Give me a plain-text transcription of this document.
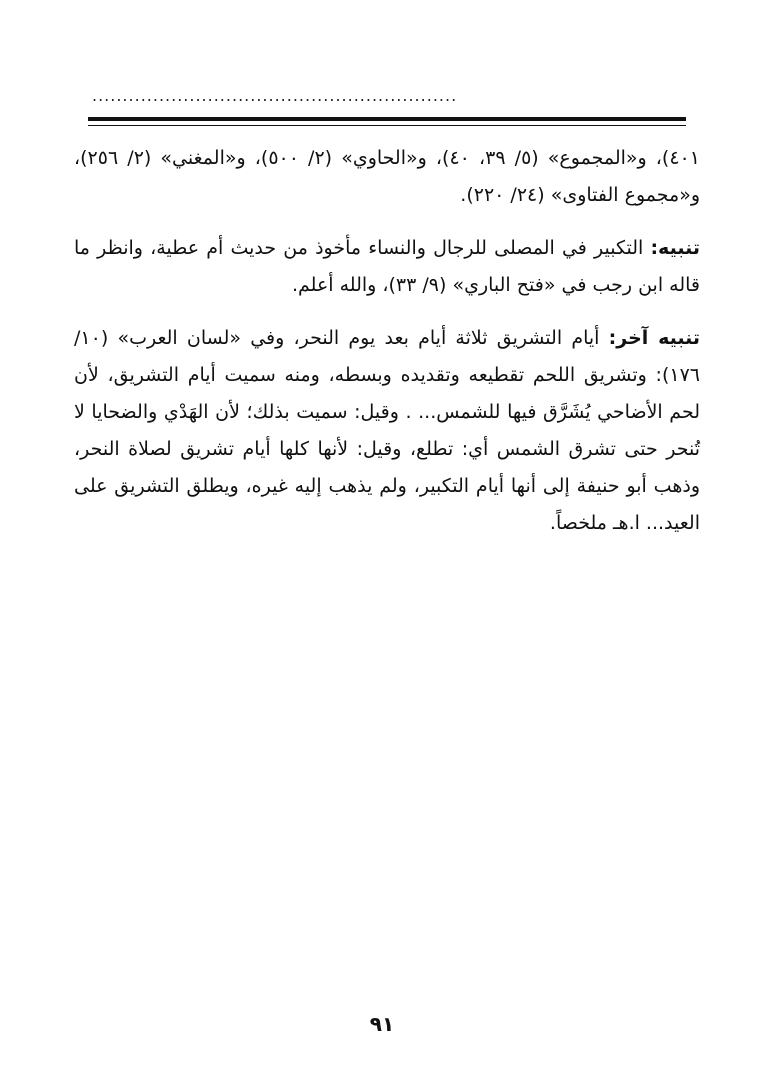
............................................................

٤٠١)، و«المجموع» (٥/ ٣٩، ٤٠)، و«الحاوي» (٢/ ٥٠٠)، و«المغني» (٢/ ٢٥٦)، و«مجموع الفتاوى» (٢٤/ ٢٢٠).

تنبيه: التكبير في المصلى للرجال والنساء مأخوذ من حديث أم عطية، وانظر ما قاله ابن رجب في «فتح الباري» (٩/ ٣٣)، والله أعلم.

تنبيه آخر: أيام التشريق ثلاثة أيام بعد يوم النحر، وفي «لسان العرب» (١٠/ ١٧٦): وتشريق اللحم تقطيعه وتقديده وبسطه، ومنه سميت أيام التشريق، لأن لحم الأضاحي يُشَرَّق فيها للشمس... . وقيل: سميت بذلك؛ لأن الهَدْي والضحايا لا تُنحر حتى تشرق الشمس أي: تطلع، وقيل: لأنها كلها أيام تشريق لصلاة النحر، وذهب أبو حنيفة إلى أنها أيام التكبير، ولم يذهب إليه غيره، ويطلق التشريق على العيد... ا.هـ ملخصاً.

٩١
